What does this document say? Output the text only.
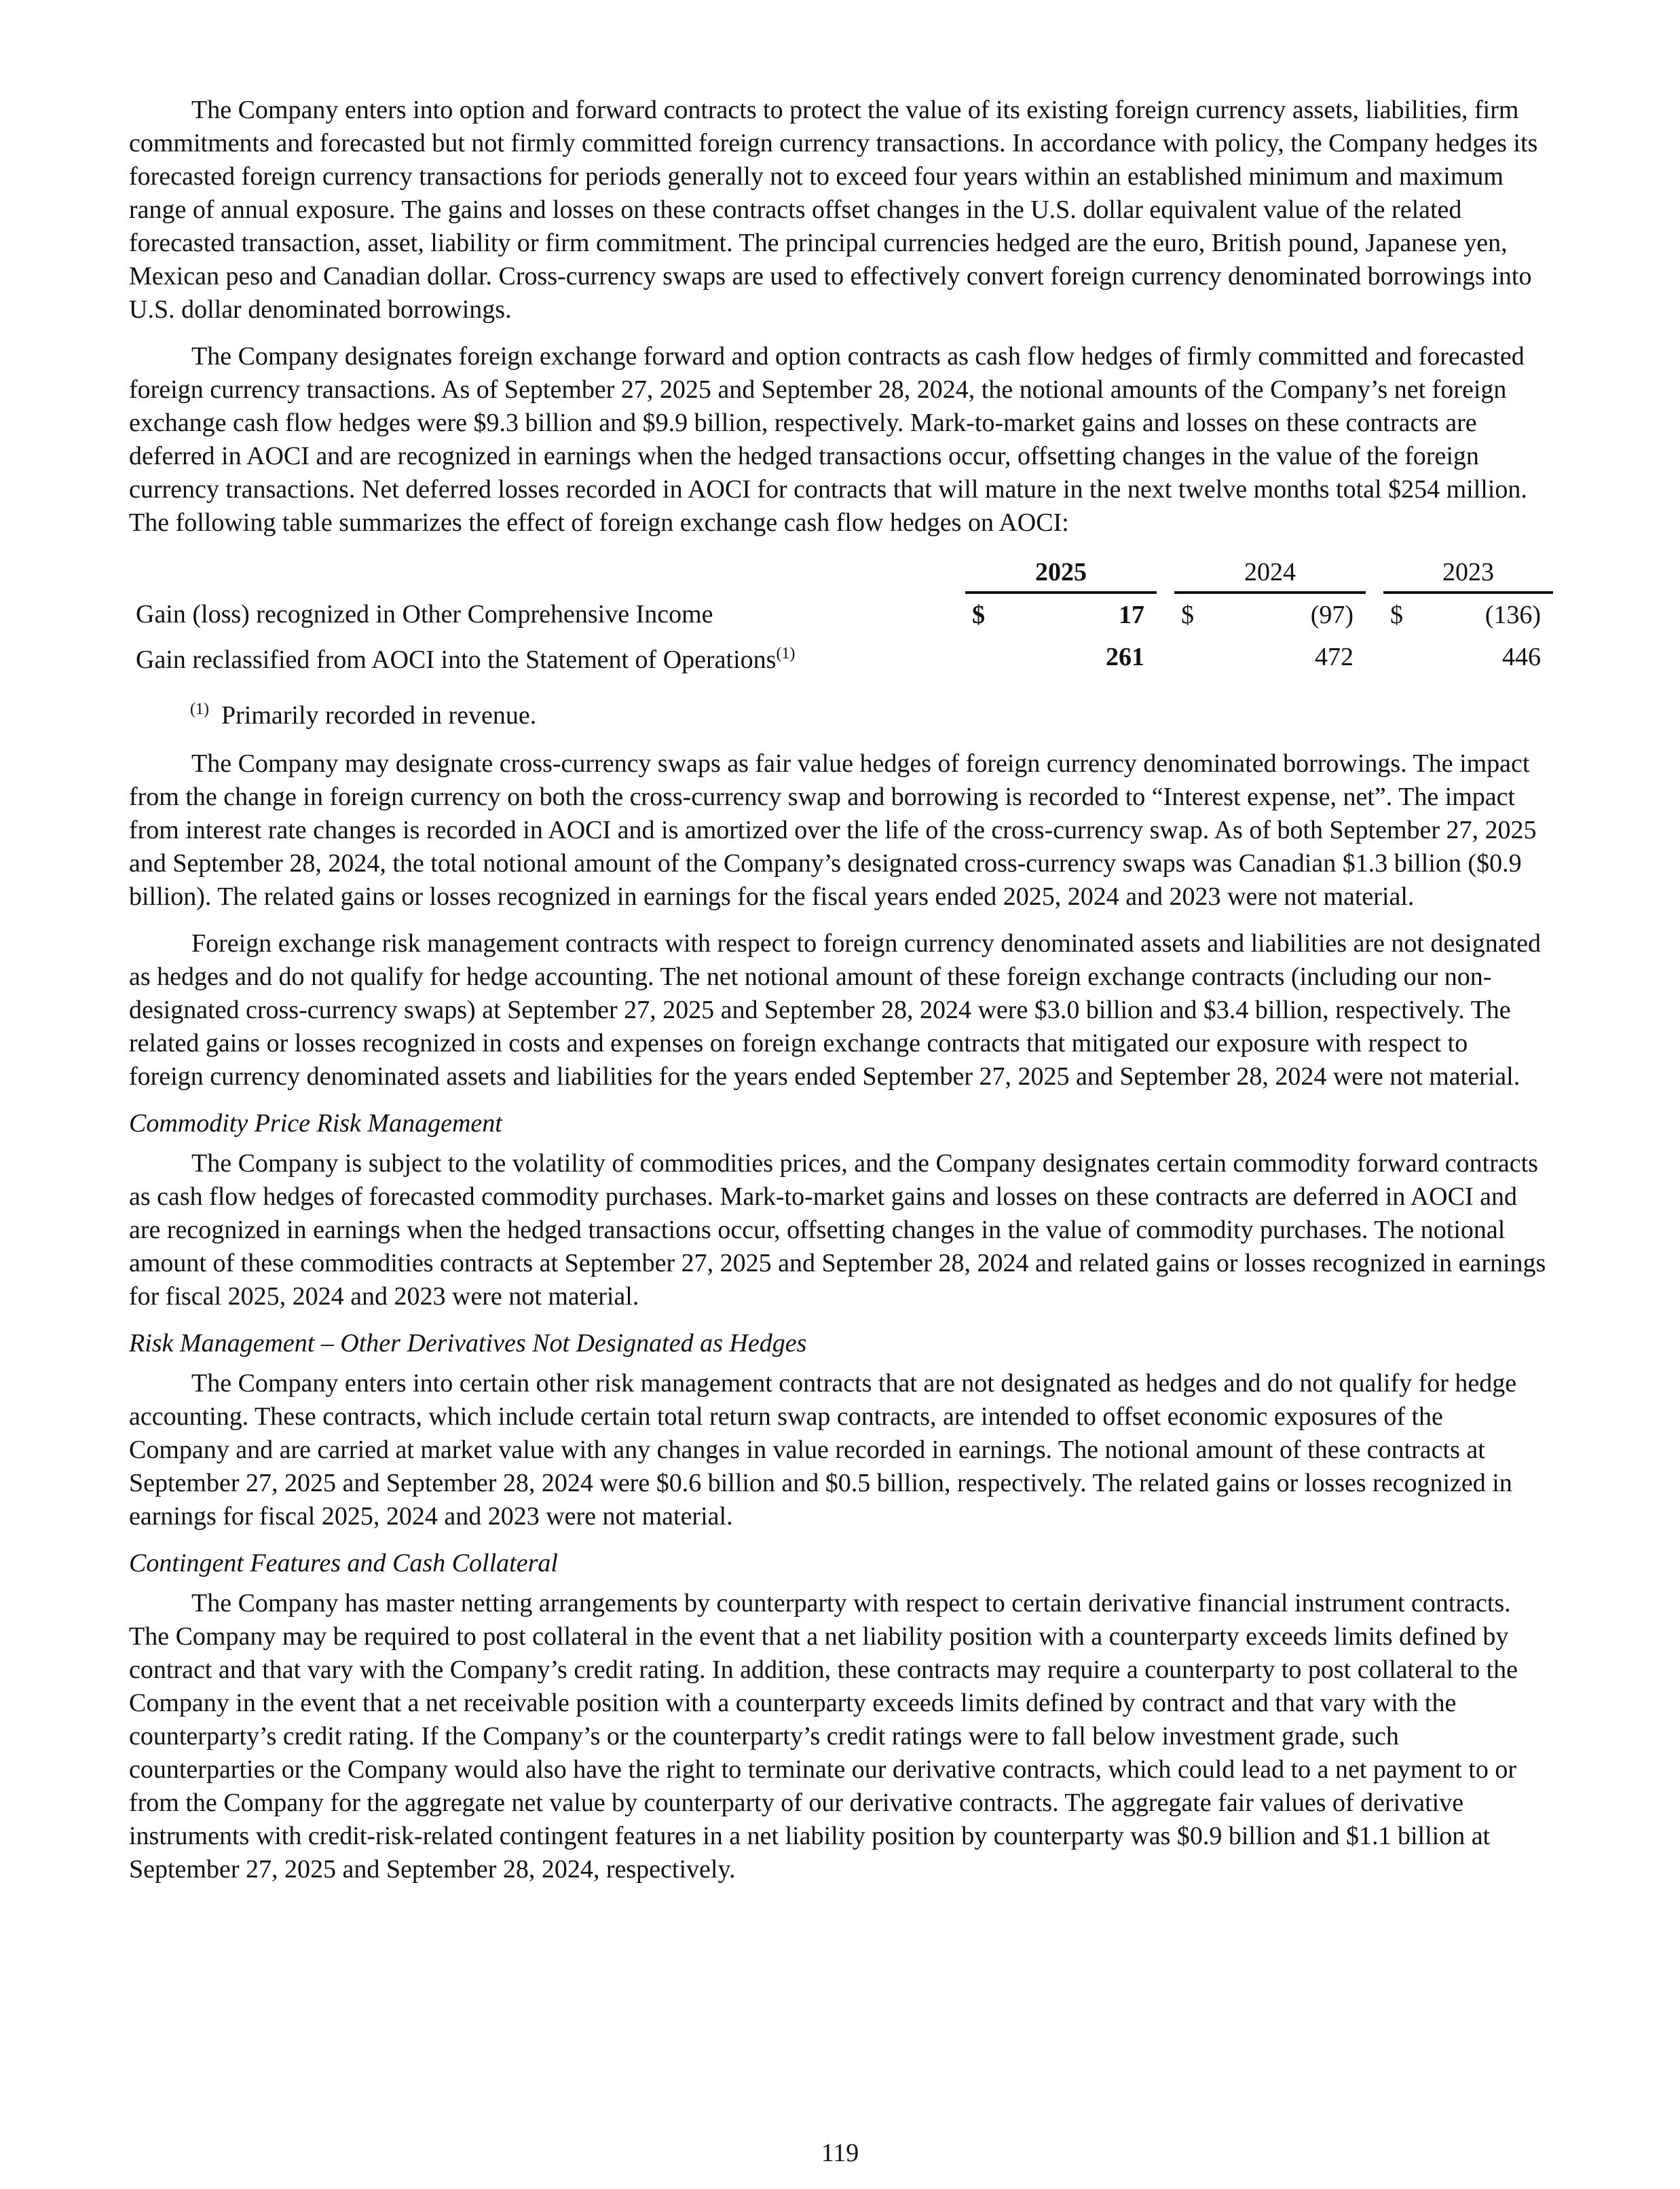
The Company enters into option and forward contracts to protect the value of its existing foreign currency assets, liabilities, firm commitments and forecasted but not firmly committed foreign currency transactions. In accordance with policy, the Company hedges its forecasted foreign currency transactions for periods generally not to exceed four years within an established minimum and maximum range of annual exposure. The gains and losses on these contracts offset changes in the U.S. dollar equivalent value of the related forecasted transaction, asset, liability or firm commitment. The principal currencies hedged are the euro, British pound, Japanese yen, Mexican peso and Canadian dollar. Cross-currency swaps are used to effectively convert foreign currency denominated borrowings into U.S. dollar denominated borrowings.

The Company designates foreign exchange forward and option contracts as cash flow hedges of firmly committed and forecasted foreign currency transactions. As of September 27, 2025 and September 28, 2024, the notional amounts of the Company’s net foreign exchange cash flow hedges were $9.3 billion and $9.9 billion, respectively. Mark-to-market gains and losses on these contracts are deferred in AOCI and are recognized in earnings when the hedged transactions occur, offsetting changes in the value of the foreign currency transactions. Net deferred losses recorded in AOCI for contracts that will mature in the next twelve months total $254 million. The following table summarizes the effect of foreign exchange cash flow hedges on AOCI:

	2025			2024			2023	
Gain (loss) recognized in Other Comprehensive Income	$	17		$	(97)		$	(136)
Gain reclassified from AOCI into the Statement of Operations$^{(1)}$		261			472			446
$^{(1)}$ Primarily recorded in revenue.

The Company may designate cross-currency swaps as fair value hedges of foreign currency denominated borrowings. The impact from the change in foreign currency on both the cross-currency swap and borrowing is recorded to “Interest expense, net”. The impact from interest rate changes is recorded in AOCI and is amortized over the life of the cross-currency swap. As of both September 27, 2025 and September 28, 2024, the total notional amount of the Company’s designated cross-currency swaps was Canadian $1.3 billion ($0.9 billion). The related gains or losses recognized in earnings for the fiscal years ended 2025, 2024 and 2023 were not material.

Foreign exchange risk management contracts with respect to foreign currency denominated assets and liabilities are not designated as hedges and do not qualify for hedge accounting. The net notional amount of these foreign exchange contracts (including our non-designated cross-currency swaps) at September 27, 2025 and September 28, 2024 were $3.0 billion and $3.4 billion, respectively. The related gains or losses recognized in costs and expenses on foreign exchange contracts that mitigated our exposure with respect to foreign currency denominated assets and liabilities for the years ended September 27, 2025 and September 28, 2024 were not material.

Commodity Price Risk Management

The Company is subject to the volatility of commodities prices, and the Company designates certain commodity forward contracts as cash flow hedges of forecasted commodity purchases. Mark-to-market gains and losses on these contracts are deferred in AOCI and are recognized in earnings when the hedged transactions occur, offsetting changes in the value of commodity purchases. The notional amount of these commodities contracts at September 27, 2025 and September 28, 2024 and related gains or losses recognized in earnings for fiscal 2025, 2024 and 2023 were not material.

Risk Management – Other Derivatives Not Designated as Hedges

The Company enters into certain other risk management contracts that are not designated as hedges and do not qualify for hedge accounting. These contracts, which include certain total return swap contracts, are intended to offset economic exposures of the Company and are carried at market value with any changes in value recorded in earnings. The notional amount of these contracts at September 27, 2025 and September 28, 2024 were $0.6 billion and $0.5 billion, respectively. The related gains or losses recognized in earnings for fiscal 2025, 2024 and 2023 were not material.

Contingent Features and Cash Collateral

The Company has master netting arrangements by counterparty with respect to certain derivative financial instrument contracts. The Company may be required to post collateral in the event that a net liability position with a counterparty exceeds limits defined by contract and that vary with the Company’s credit rating. In addition, these contracts may require a counterparty to post collateral to the Company in the event that a net receivable position with a counterparty exceeds limits defined by contract and that vary with the counterparty’s credit rating. If the Company’s or the counterparty’s credit ratings were to fall below investment grade, such counterparties or the Company would also have the right to terminate our derivative contracts, which could lead to a net payment to or from the Company for the aggregate net value by counterparty of our derivative contracts. The aggregate fair values of derivative instruments with credit-risk-related contingent features in a net liability position by counterparty was $0.9 billion and $1.1 billion at September 27, 2025 and September 28, 2024, respectively.

119
